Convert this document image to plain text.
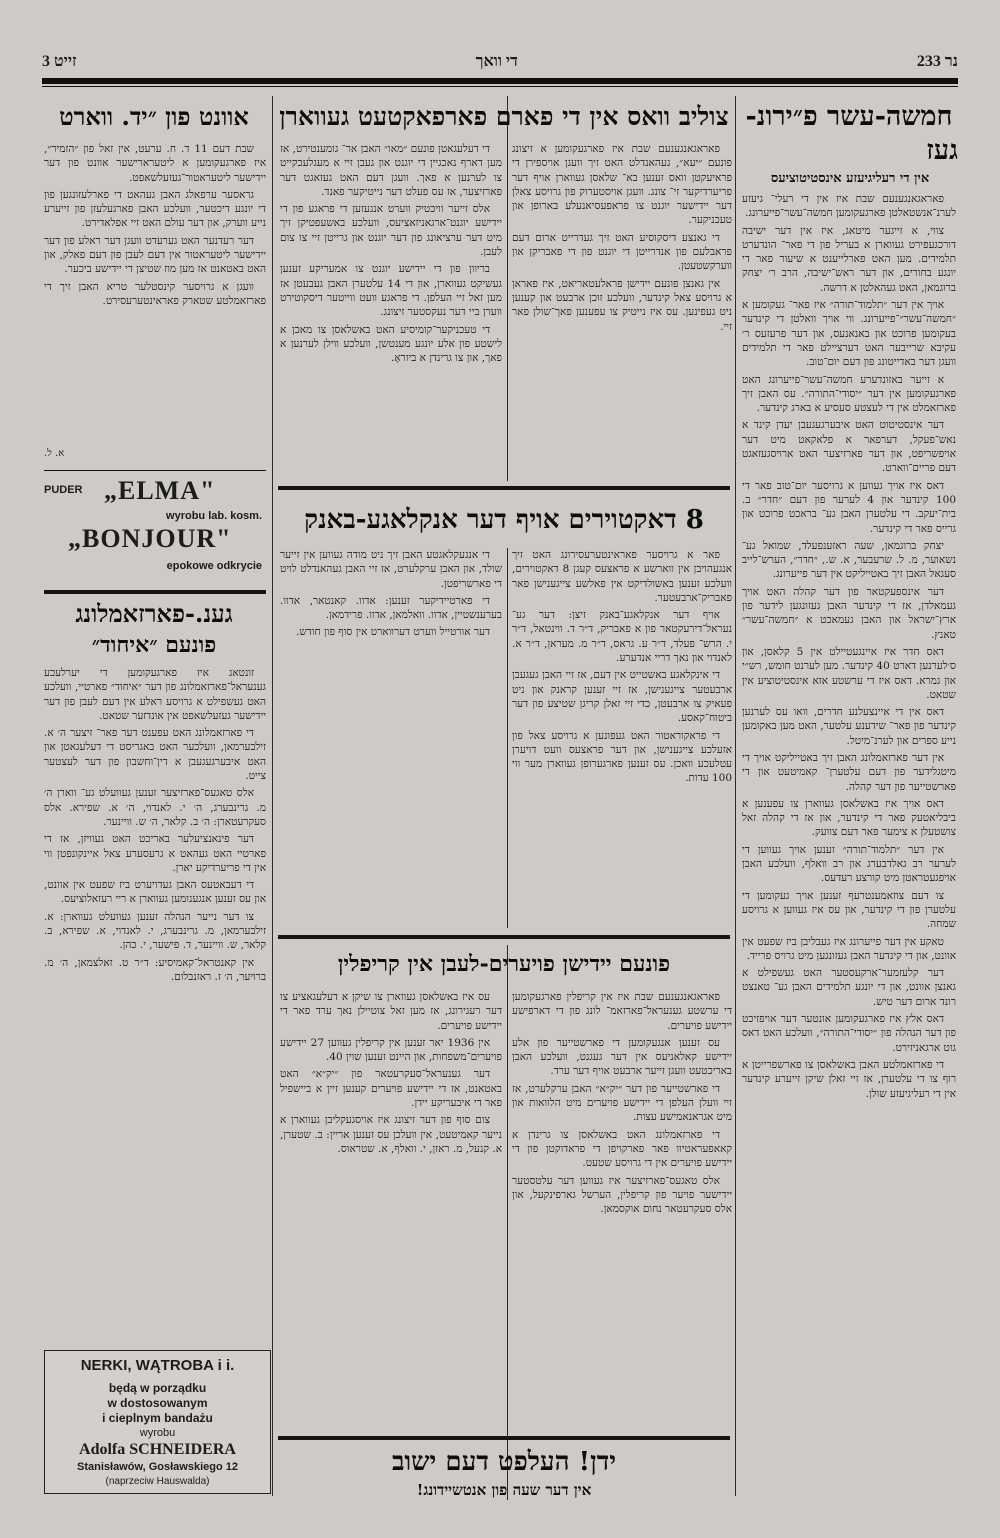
זייט 3	די וואך	נר 233
חמשה-עשר פ״ירונ-
געז
אין די רעליגיעזע אינסטיטוציעס

פאראגאנגענעם שבת איז אין די רעלי־ גיעזע לערנ־אנשטאלטן פארגעקומען חמשה־עשר־פייערונג.

צווי, א זייגער מיטאג, איז אין דער ישיבה דורכגעפירט געווארן א בעריל פון די פאר־ הונדערט תלמידים. מען האט פארלייענט א שיעור פאר די יונגע בחורים, און דער ראש־ישיבה, הרב ר׳ יצחק ברוגמאן, האט געהאלטן א דרשה.

אויך אין דער ״תלמוד־תורה״ איז פאר־ געקומען א ״חמשה־עשר״־פייערונג. ווי אויך וואלטן די קינדער בעקומען פרוכט און באנאנעס, און דער פרעזעס ר׳ עקיבא שרייבער האט דערציילט פאר די תלמידים וועגן דער באדייטונג פון דעם יום־טוב.

א זייער באזונדערע חמשה־עשר־פייערונג האט פארגעקומען אין דער ״יסודי־התורה״. עס האבן זיך פארזאמלט אין די לעצטע סעסיע א בארג קינדער.

דער אינסטיטוט האט איבערגעגעבן יעדן קינד א נאש־פעקל, דערפאר א פלאקאט מיט דער אויפשריפט, און דער פארזיצער האט ארויסגעזאגט דעם פריים־ווארט.

דאס איז אויך געווען א גרויסער יום־טוב פאר די 100 קינדער און 4 לערער פון דעם ״חדר״ ב. בית־יעקב. די עלטערן האבן גע־ בראכט פרוכט און גרייס פאר די קינדער.

יצחק ברוגמאן, שעה ראזענפעלד, שמואל גע־ נשאוער, מ. ל. שרעבער, א. ש., ״חדר״, הערש־לייב סעגאל האבן זיך באטייליקט אין דער פייערונג.

דער אינספעקטאר פון דער קהלה האט אויך געמאלדן, אז די קינדער האבן געזונגען לידער פון ארץ־ישראל און האבן געמאכט א ״חמשה־עשר״ טאנץ.

דאס חדר איז איינגעטיילט אין 5 קלאסן, און ס׳לערנען דארט 40 קינדער. מען לערנט חומש, רש״י און גמרא. דאס איז די ערשטע אזא אינסטיטוציע אין שטאט.

דאס אין די איינצעלנע חדרים, וואו עס לערנען קינדער פון פאר־ שידענע עלטער, האט מען באקומען נייע ספרים און לערנ־מיטל.

אין דער פארזאמלונג האבן זיך באטייליקט אויך די מיטגלידער פון דעם עלטערן־ קאמיטעט און די פארשטייער פון דער קהלה.

דאס אויך איז באשלאסן געווארן צו עפענען א ביבליאטעק פאר די קינדער, און אז די קהלה זאל צושטעלן א צימער פאר דעם צוועק.

אין דער ״תלמוד־תורה״ זענען אויך געווען די לערער רב גאלדבערג און רב וואלף, וועלכע האבן אויפגעטראטן מיט קורצע רעדעס.

צו דעם צוזאמענטרעף זענען אויך געקומען די עלטערן פון די קינדער, און עס איז געווען א גרויסע שמחה.

טאקע אין דער פייערונג איז געבליבן ביז שפעט אין אוונט, און די קינדער האבן געזונגען מיט גרויס פרייד.

דער קלעזמער־ארקעסטער האט געשפילט א גאנצן אוונט, און די יונגע תלמידים האבן גע־ טאנצט רונד ארום דער טיש.

דאס אלץ איז פארגעקומען אונטער דער אויפזיכט פון דער הנהלה פון ״יסודי־התורה״, וועלכע האט דאס גוט ארגאניזירט.

די פארזאמלטע האבן באשלאסן צו פארשפרייטן א רוף צו די עלטערן, אז זיי זאלן שיקן זייערע קינדער אין די רעליגיעזע שולן.

צוליב וואס אין די פארם פארפאקטעט געווארן

פאראגאנגענעם שבת איז פארגעקומען א זיצונג פונעם ״יעא״, געהאנדלט האט זיך וועגן אויספירן די פראיעקטן וואס זענען בא־ שלאסן געווארן אויף דער פריערדיקער זי־ צונג. וועגן אויסטערוק פון גרויסע צאלן דער יידישער יוגנט צו פראפעסיאנעלע בארופן און טעכניקער.

די גאנצע דיסקוסיע האט זיך געדרייט ארום דעם פראבלעם פון אנדרייטן די יוגנט פון די פאבריקן און ווערקשטעטן.

אין גאנצן פונעם יידישן פראלעטאריאט, איז פאראן א גרויסע צאל קינדער, וועלכע זוכן ארבעט און קענען ניט געפינען. עס איז נייטיק צו עפענען פאך־שולן פאר זיי.

די דעלעגאטן פונעם ״מאו״ האבן אר־ גומענטירט, אז מען דארף נאכגיין די יוגנט און געבן זיי א מעגלעכקייט צו לערנען א פאך. וועגן דעם האט געזאגט דער פארזיצער, אז עס פעלט דער נייטיקער פאנד.

אלס זייער וויכטיק ווערט אנגעזען די פראגע פון די יידישע יוגנט־ארגאניזאציעס, וועלכע באשעפטיקן זיך מיט דער ערציאונג פון דער יוגנט און גרייטן זיי צו צום לעבן.

בריוון פון די יידישע יוגנט צו אמעריקע זענען געשיקט געווארן, און די 14 עלטערן האבן געבעטן אז מען זאל זיי העלפן. די פראגע וועט ווייטער דיסקוטירט ווערן ביי דער נעקסטער זיצונג.

די טעכניקער־קומיסיע האט באשלאסן צו מאכן א לישטע פון אלע יונגע מענטשן, וועלכע ווילן לערנען א פאך, און צו גרינדן א ביוראָ.

אוונט פון ״יד. ווארט

שבת דעם 11 ד. ח. ערעט, אין זאל פון ״הזמיר״, איז פארגעקומען א ליטערארישער אוונט פון דער יידישער ליטעראטור־געזעלשאפט.

גראסער ערפאלג האבן געהאט די פארלעזונגען פון די יונגע דיכטער, וועלכע האבן פארגעלעזן פון זייערע נייע ווערק, און דער עולם האט זיי אפלאדירט.

דער רעדנער האט גערעדט וועגן דער ראלע פון דער יידישער ליטעראטור אין דעם לעבן פון דעם פאלק, און האט באטאנט אז מען מוז שטיצן די יידישע ביכער.

וועגן א גרויסער קינסטלער טריא האבן זיך די פארזאמלטע שטארק פאראינטערעסירט.

א. ל.
8 דאקטוירים אויף דער אנקלאגע-באנק

פאר א גרויסער פאראינטערעסירונג האט זיך אנגעהויבן אין ווארשע א פראצעס קעגן 8 דאקטוירים, וועלכע זענען באשולדיקט אין פאלשע צייגענישן פאר פאבריק־ארבעטער.

אויף דער אנקלאגע־באנק זיצן: דער גע־ נעראל־דירעקטאר פון א פאבריק, ד״ר ד. ווינטאל, ד״ר י. הרש־ פעלד, ד״ר ע. גראס, ד״ר מ. מעראן, ד״ר א. לאנדוי און נאך דריי אנדערע.

די אינקלאגע באשטייט אין דעם, אז זיי האבן געגעבן ארבעטער צייגענישן, אז זיי זענען קראנק און ניט פעאיק צו ארבעטן, כדי זיי זאלן קריגן שטיצע פון דער ביטוח־קאסע.

די פראקוראטור האט געפונען א גרויסע צאל פון אזעלכע צייגענישן, און דער פראצעס וועט דויערן עטלעכע וואכן. עס זענען פארגערופן געווארן מער ווי 100 עדות.

די אנגעקלאגטע האבן זיך ניט מודה געווען אין זייער שולד, און האבן ערקלערט, אז זיי האבן געהאנדלט לויט די פארשריפטן.

די פארטיידיקער זענען: אדוו. קאנטאר, אדוו. בערענשטיין, אדוו. וואלמאן, אדוו. פרידמאן.

דער אורטייל ווערט דערווארט אין סוף פון חודש.

פונעם יידישן פויערים-לעבן אין קריפלין

פאראגאנגענעם שבת איז אין קריפלין פארגעקומען די ערשטע גענעראל־פארזאמ־ לונג פון די דארפישע יידישע פויערים.

עס זענען אנגעקומען די פארשטייער פון אלע יידישע קאלאניעס אין דער געגנט, וועלכע האבן באריכטעט וועגן זייער ארבעט אויף דער ערד.

די פארשטייער פון דער ״יק״א״ האבן ערקלערט, אז זיי וועלן העלפן די יידישע פויערים מיט הלוואות און מיט אגראנאמישע עצות.

די פארזאמלונג האט באשלאסן צו גרינדן א קאאפעראטיוו פאר פארקויפן די פראדוקטן פון די יידישע פויערים אין די גרויסע שטעט.

אלס טאגעס־פארזיצער איז געווען דער עלטסטער יידישער פויער פון קריפלין, הערשל גארפינקעל, און אלס סעקרעטאר נחום אוקסמאן.

עס איז באשלאסן געווארן צו שיקן א דעלעגאציע צו דער רעגירונג, אז מען זאל צוטיילן נאך ערד פאר די יידישע פויערים.

אין 1936 יאר זענען אין קריפלין געווען 27 יידישע פויערים־משפחות, און היינט זענען שוין 40.

דער גענעראל־סעקרעטאר פון ״יק״א״ האט באטאנט, אז די יידישע פויערים קענען זיין א ביישפיל פאר די איבעריקע יידן.

צום סוף פון דער זיצונג איז אויסגעקליבן געווארן א נייער קאמיטעט, אין וועלכן עס זענען אריין: ב. שטערן, א. קנעל, מ. ראזן, י. וואלף, א. שטראוס.

ידן! העלפט דעם ישוב
אין דער שעה פון אנטשיידונג!
PUDER „ELMA"
wyrobu lab. kosm.
„BONJOUR"
epokowe odkrycie
גענ.-פארזאמלונג
פונעם ״איחוד״

זונטאג איז פארגעקומען די יערלעכע גענעראל־פארזאמלונג פון דער ״איחוד״ פארטיי, וועלכע האט געשפילט א גרויסע ראלע אין דעם לעבן פון דער יידישער געזעלשאפט אין אונדזער שטאט.

די פארזאמלונג האט עפענט דער פאר־ זיצער ה׳ א. זילבערמאן, וועלכער האט באגריסט די דעלעגאטן און האט איבערגעגעבן א דין־וחשבון פון דער לעצטער צייט.

אלס טאגעס־פארזיצער זענען געוועלט גע־ ווארן ה׳ מ. גרינבערג, ה׳ י. לאנדוי, ה׳ א. שפירא. אלס סעקרעטארן: ה׳ ב. קלאר, ה׳ ש. וויינער.

דער פינאנציעלער באריכט האט געוויזן, אז די פארטיי האט געהאט א גרעסערע צאל איינקונפטן ווי אין די פריערדיקע יארן.

די דעבאטעס האבן געדויערט ביז שפעט אין אוונט, און עס זענען אנגענומען געווארן א ריי רעזאלוציעס.

צו דער נייער הנהלה זענען געוועלט געווארן: א. זילבערמאן, מ. גרינבערג, י. לאנדוי, א. שפירא, ב. קלאר, ש. וויינער, ד. פישער, י. כהן.

אין קאנטראל־קאמיסיע: ד״ר ט. זאלצמאן, ה׳ מ. ברויער, ה׳ ז. ראזנבלום.

NERKI, WĄTROBA i i.
będą w porządku
w dostosowanym
i cieplnym bandażu
wyrobu
Adolfa SCHNEIDERA
Stanisławów, Gosławskiego 12
(naprzeciw Hauswalda)
